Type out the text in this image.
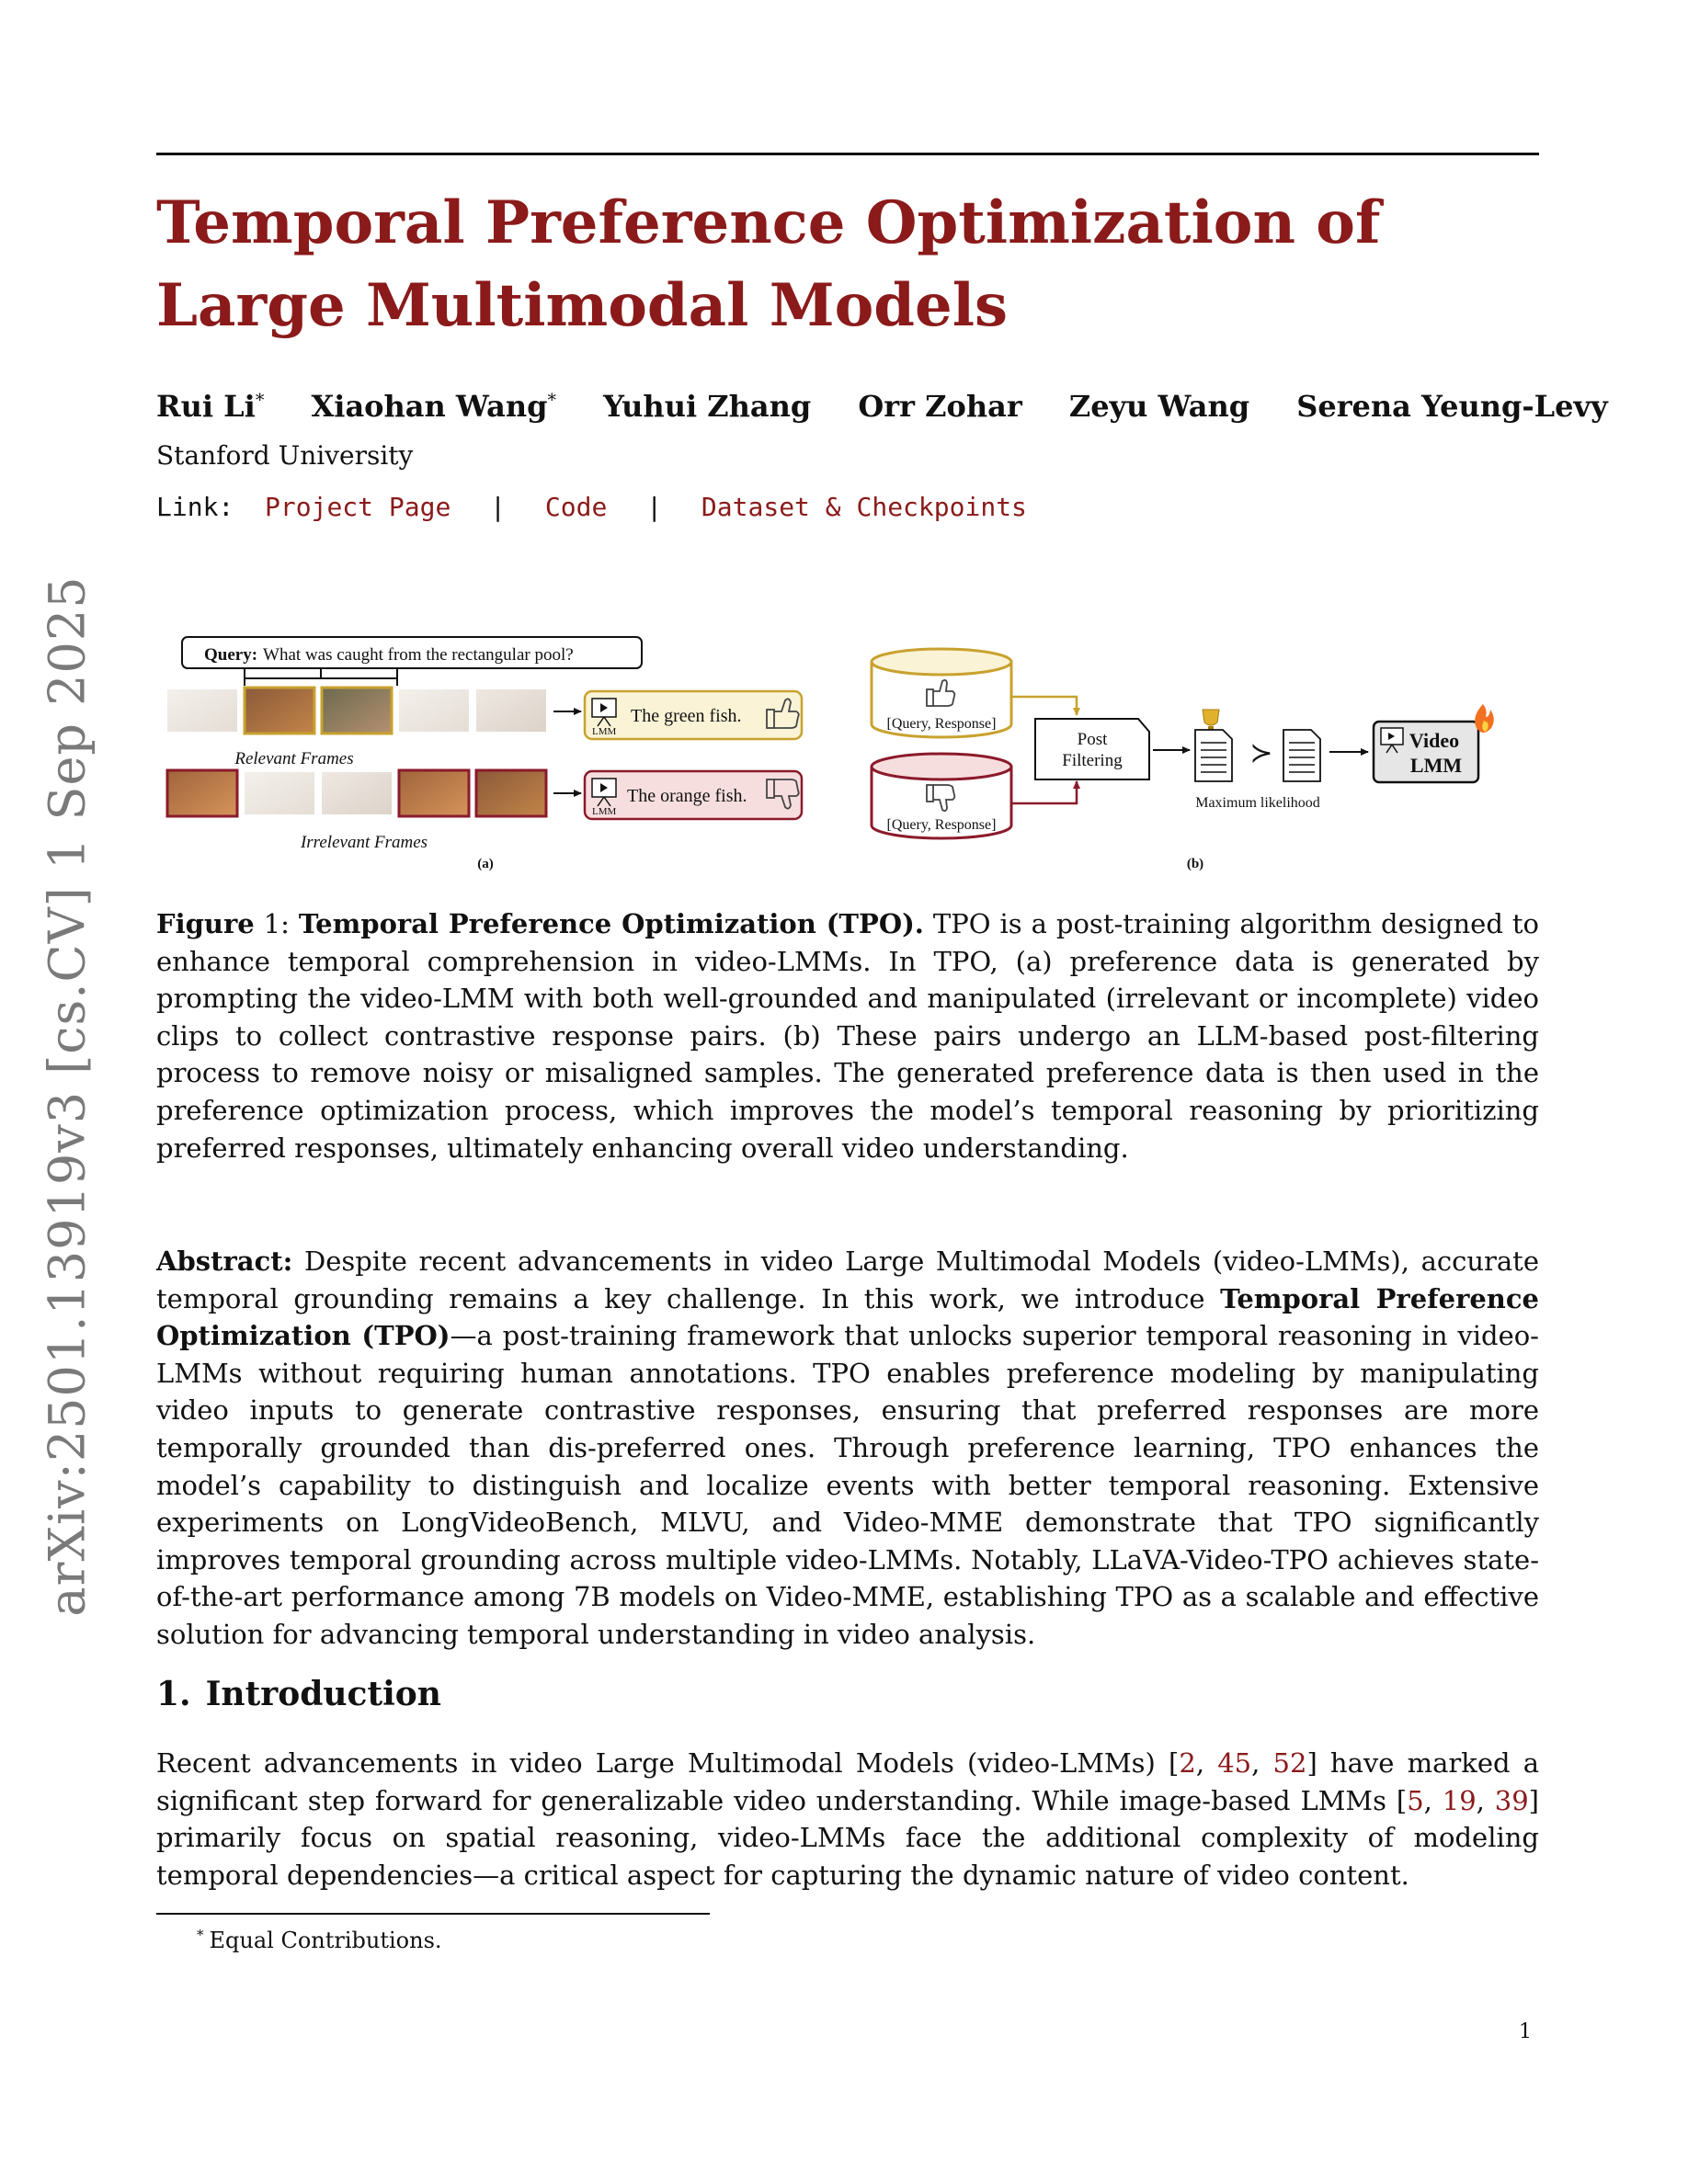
Temporal Preference Optimization of
Large Multimodal Models
Rui Li* Xiaohan Wang* Yuhui Zhang Orr Zohar Zeyu Wang Serena Yeung-Levy
Stanford University
Link: Project Page | Code | Dataset & Checkpoints
arXiv:2501.13919v3 [cs.CV] 1 Sep 2025	Query: What was caught from the rectangular pool?
LMM
The green fish.
Relevant Frames
LMM
The orange fish.
Irrelevant Frames
(a)
[Query, Response]
[Query, Response]
Post
Filtering	≻
Maximum likelihood
Video
LMM
(b)

Figure 1: Temporal Preference Optimization (TPO). TPO is a post-training algorithm designed to enhance temporal comprehension in video-LMMs. In TPO, (a) preference data is generated by prompting the video-LMM with both well-grounded and manipulated (irrelevant or incomplete) video clips to collect contrastive response pairs. (b) These pairs undergo an LLM-based post-filtering process to remove noisy or misaligned samples. The generated preference data is then used in the preference optimization process, which improves the model’s temporal reasoning by prioritizing preferred responses, ultimately enhancing overall video understanding.

Abstract: Despite recent advancements in video Large Multimodal Models (video-LMMs), accurate temporal grounding remains a key challenge. In this work, we introduce Temporal Preference Optimization (TPO)—a post-training framework that unlocks superior temporal reasoning in video-LMMs without requiring human annotations. TPO enables preference modeling by manipulating video inputs to generate contrastive responses, ensuring that preferred responses are more temporally grounded than dis-preferred ones. Through preference learning, TPO enhances the model’s capability to distinguish and localize events with better temporal reasoning. Extensive experiments on LongVideoBench, MLVU, and Video-MME demonstrate that TPO significantly improves temporal grounding across multiple video-LMMs. Notably, LLaVA-Video-TPO achieves state-of-the-art performance among 7B models on Video-MME, establishing TPO as a scalable and effective solution for advancing temporal understanding in video analysis.

1. Introduction

Recent advancements in video Large Multimodal Models (video-LMMs) [2, 45, 52] have marked a significant step forward for generalizable video understanding. While image-based LMMs [5, 19, 39] primarily focus on spatial reasoning, video-LMMs face the additional complexity of modeling temporal dependencies—a critical aspect for capturing the dynamic nature of video content.

* Equal Contributions.
1
